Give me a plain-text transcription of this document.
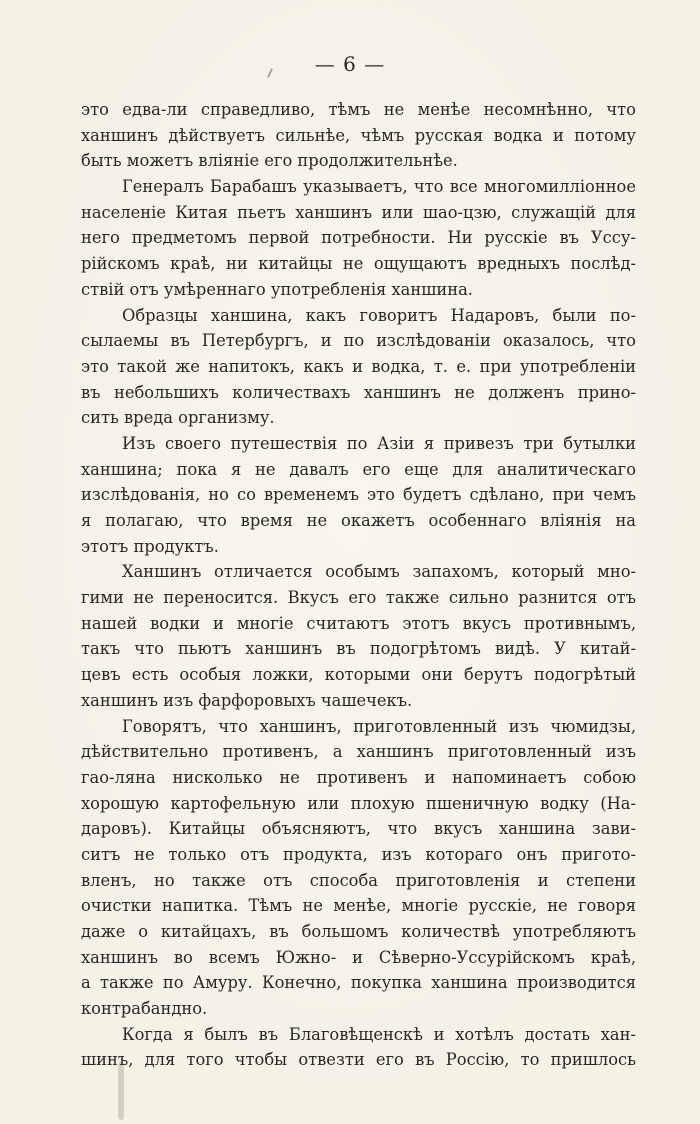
— 6 —
это едва-ли справедливо, тѣмъ не менѣе несомнѣнно, что
ханшинъ дѣйствуетъ сильнѣе, чѣмъ русская водка и потому
быть можетъ вліяніе его продолжительнѣе.
Генералъ Барабашъ указываетъ, что все многомилліонное
населеніе Китая пьетъ ханшинъ или шао-цзю, служащій для
него предметомъ первой потребности. Ни русскіе въ Уссу-
рійскомъ краѣ, ни китайцы не ощущаютъ вредныхъ послѣд-
ствій отъ умѣреннаго употребленія ханшина.
Образцы ханшина, какъ говоритъ Надаровъ, были по-
сылаемы въ Петербургъ, и по изслѣдованіи оказалось, что
это такой же напитокъ, какъ и водка, т. е. при употребленіи
въ небольшихъ количествахъ ханшинъ не долженъ прино-
сить вреда организму.
Изъ своего путешествія по Азіи я привезъ три бутылки
ханшина; пока я не давалъ его еще для аналитическаго
изслѣдованія, но со временемъ это будетъ сдѣлано, при чемъ
я полагаю, что время не окажетъ особеннаго вліянія на
этотъ продуктъ.
Ханшинъ отличается особымъ запахомъ, который мно-
гими не переносится. Вкусъ его также сильно разнится отъ
нашей водки и многіе считаютъ этотъ вкусъ противнымъ,
такъ что пьютъ ханшинъ въ подогрѣтомъ видѣ. У китай-
цевъ есть особыя ложки, которыми они берутъ подогрѣтый
ханшинъ изъ фарфоровыхъ чашечекъ.
Говорятъ, что ханшинъ, приготовленный изъ чюмидзы,
дѣйствительно противенъ, а ханшинъ приготовленный изъ
гао-ляна нисколько не противенъ и напоминаетъ собою
хорошую картофельную или плохую пшеничную водку (На-
даровъ). Китайцы объясняютъ, что вкусъ ханшина зави-
ситъ не только отъ продукта, изъ котораго онъ пригото-
вленъ, но также отъ способа приготовленія и степени
очистки напитка. Тѣмъ не менѣе, многіе русскіе, не говоря
даже о китайцахъ, въ большомъ количествѣ употребляютъ
ханшинъ во всемъ Южно- и Сѣверно-Уссурійскомъ краѣ,
а также по Амуру. Конечно, покупка ханшина производится
контрабандно.
Когда я былъ въ Благовѣщенскѣ и хотѣлъ достать хан-
шинъ, для того чтобы отвезти его въ Россію, то пришлось
